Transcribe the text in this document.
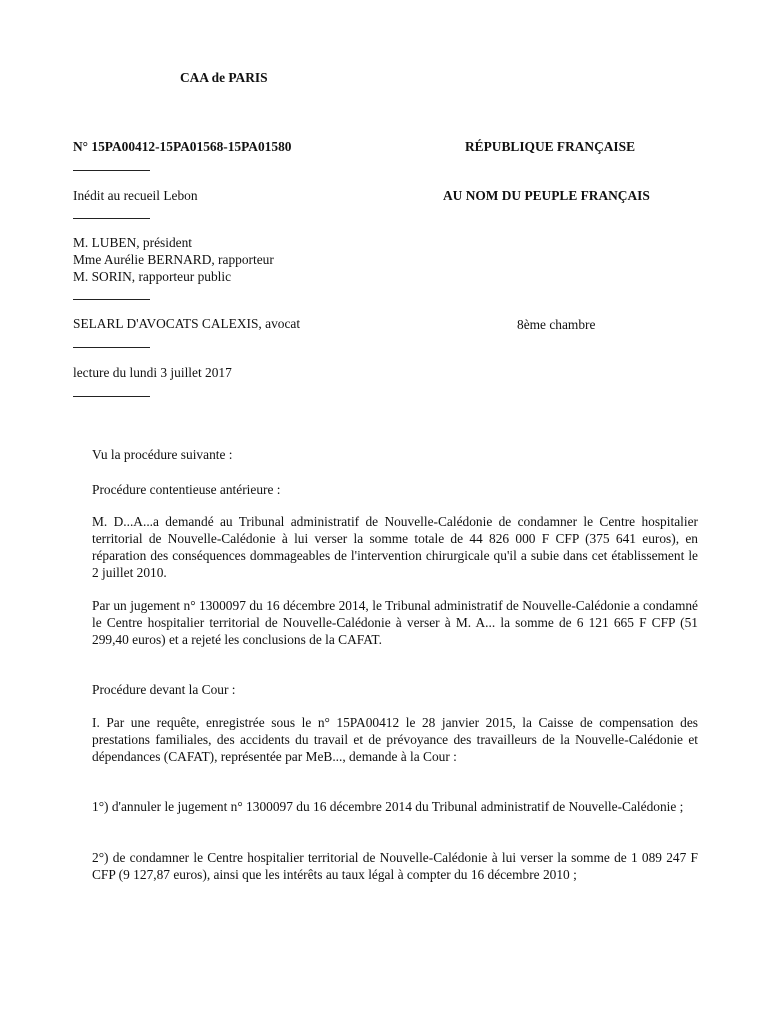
CAA de PARIS
N° 15PA00412-15PA01568-15PA01580	RÉPUBLIQUE FRANÇAISE
Inédit au recueil Lebon	AU NOM DU PEUPLE FRANÇAIS
M. LUBEN, président
Mme Aurélie BERNARD, rapporteur
M. SORIN, rapporteur public
SELARL D'AVOCATS CALEXIS, avocat	8ème chambre
lecture du lundi 3 juillet 2017
Vu la procédure suivante :
Procédure contentieuse antérieure :
M. D...A...a demandé au Tribunal administratif de Nouvelle-Calédonie de condamner le Centre hospitalier territorial de Nouvelle-Calédonie à lui verser la somme totale de 44 826 000 F CFP (375 641 euros), en réparation des conséquences dommageables de l'intervention chirurgicale qu'il a subie dans cet établissement le 2 juillet 2010.
Par un jugement n° 1300097 du 16 décembre 2014, le Tribunal administratif de Nouvelle-Calédonie a condamné le Centre hospitalier territorial de Nouvelle-Calédonie à verser à M. A... la somme de 6 121 665 F CFP (51 299,40 euros) et a rejeté les conclusions de la CAFAT.
Procédure devant la Cour :
I. Par une requête, enregistrée sous le n° 15PA00412 le 28 janvier 2015, la Caisse de compensation des prestations familiales, des accidents du travail et de prévoyance des travailleurs de la Nouvelle-Calédonie et dépendances (CAFAT), représentée par MeB..., demande à la Cour :
1°) d'annuler le jugement n° 1300097 du 16 décembre 2014 du Tribunal administratif de Nouvelle-Calédonie ;
2°) de condamner le Centre hospitalier territorial de Nouvelle-Calédonie à lui verser la somme de 1 089 247 F CFP (9 127,87 euros), ainsi que les intérêts au taux légal à compter du 16 décembre 2010 ;
